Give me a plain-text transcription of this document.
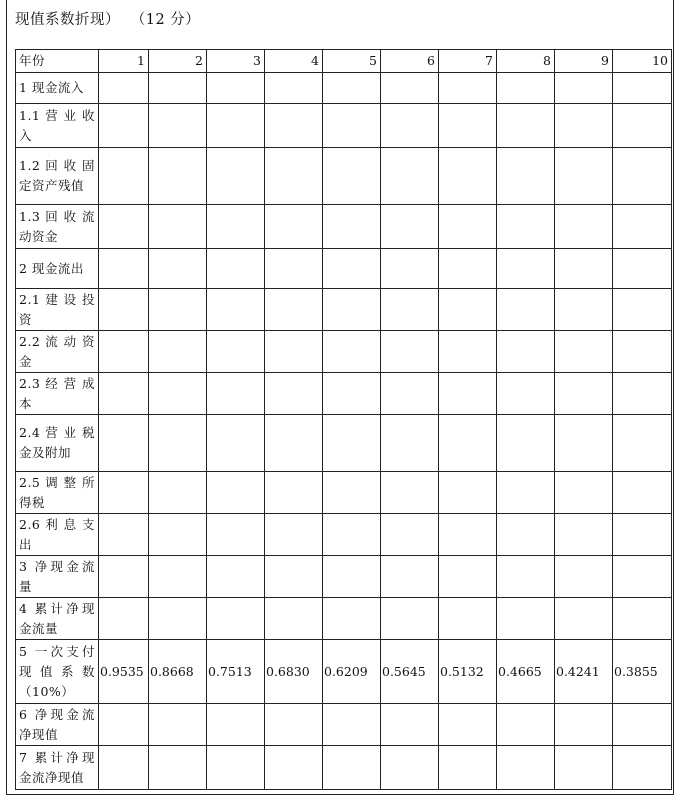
现值系数折现） （12 分）
年份	1	2	3	4	5	6	7	8	9	10
1 现金流入										
1.1 营 业 收 入										
1.2 回 收 固 定资产残值										
1.3 回 收 流 动资金										
2 现金流出										
2.1 建 设 投 资										
2.2 流 动 资 金										
2.3 经 营 成 本										
2.4 营 业 税 金及附加										
2.5 调 整 所 得税										
2.6 利 息 支 出										
3 净现金流 量										
4 累计净现 金流量										
5 一次支付 现 值 系 数 （10%）	0.9535	0.8668	0.7513	0.6830	0.6209	0.5645	0.5132	0.4665	0.4241	0.3855
6 净现金流 净现值										
7 累计净现 金流净现值										
